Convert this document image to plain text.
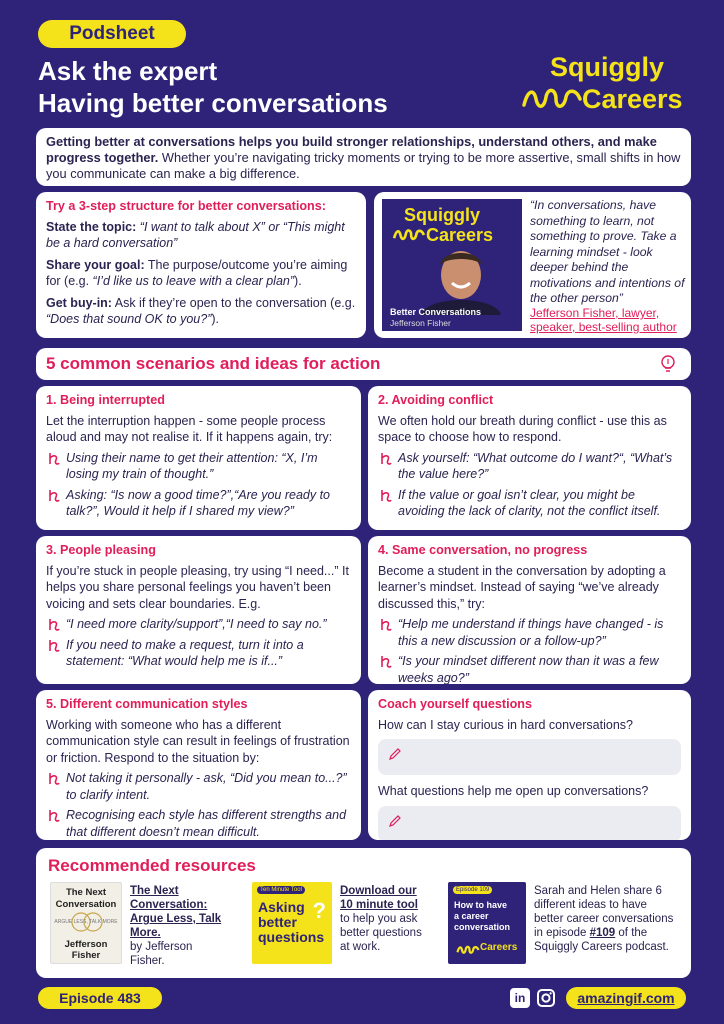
Podsheet
Ask the expert
Having better conversations
Squiggly
Careers
Getting better at conversations helps you build stronger relationships, understand others, and make progress together. Whether you’re navigating tricky moments or trying to be more assertive, small shifts in how you communicate can make a big difference.
Try a 3-step structure for better conversations:
State the topic: “I want to talk about X” or “This might be a hard conversation”
Share your goal: The purpose/outcome you’re aiming for (e.g. “I’d like us to leave with a clear plan”).
Get buy-in: Ask if they’re open to the conversation (e.g. “Does that sound OK to you?”).
Squiggly
Careers
Better Conversations
Jefferson Fisher
“In conversations, have something to learn, not something to prove. Take a learning mindset - look deeper behind the motivations and intentions of the other person”
Jefferson Fisher, lawyer, speaker, best-selling author
5 common scenarios and ideas for action
1. Being interrupted
Let the interruption happen - some people process aloud and may not realise it. If it happens again, try:
Using their name to get their attention: “X, I’m losing my train of thought.”
Asking: “Is now a good time?”,“Are you ready to talk?”, Would it help if I shared my view?”
2. Avoiding conflict
We often hold our breath during conflict - use this as space to choose how to respond.
Ask yourself: “What outcome do I want?“, “What’s the value here?”
If the value or goal isn’t clear, you might be avoiding the lack of clarity, not the conflict itself.
3. People pleasing
If you’re stuck in people pleasing, try using “I need...” It helps you share personal feelings you haven’t been voicing and sets clear boundaries. E.g.
“I need more clarity/support”,“I need to say no.”
If you need to make a request, turn it into a statement: “What would help me is if...”
4. Same conversation, no progress
Become a student in the conversation by adopting a learner’s mindset. Instead of saying “we’ve already discussed this,” try:
“Help me understand if things have changed - is this a new discussion or a follow-up?”
“Is your mindset different now than it was a few weeks ago?”
5. Different communication styles
Working with someone who has a different communication style can result in feelings of frustration or friction. Respond to the situation by:
Not taking it personally - ask, “Did you mean to...?” to clarify intent.
Recognising each style has different strengths and that different doesn’t mean difficult.
Coach yourself questions
How can I stay curious in hard conversations?
What questions help me open up conversations?
Recommended resources
The Next
Conversation
ARGUE LESS, TALK MORE
Jefferson
Fisher
The Next Conversation: Argue Less, Talk More.
by Jefferson Fisher.
Ten Minute Tool
Asking
better
questions
?
Download our 10 minute tool
to help you ask better questions at work.
Episode 109
How to have
a career
conversation
Careers
Sarah and Helen share 6 different ideas to have better career conversations in episode #109 of the Squiggly Careers podcast.
Episode 483	in	amazingif.com
